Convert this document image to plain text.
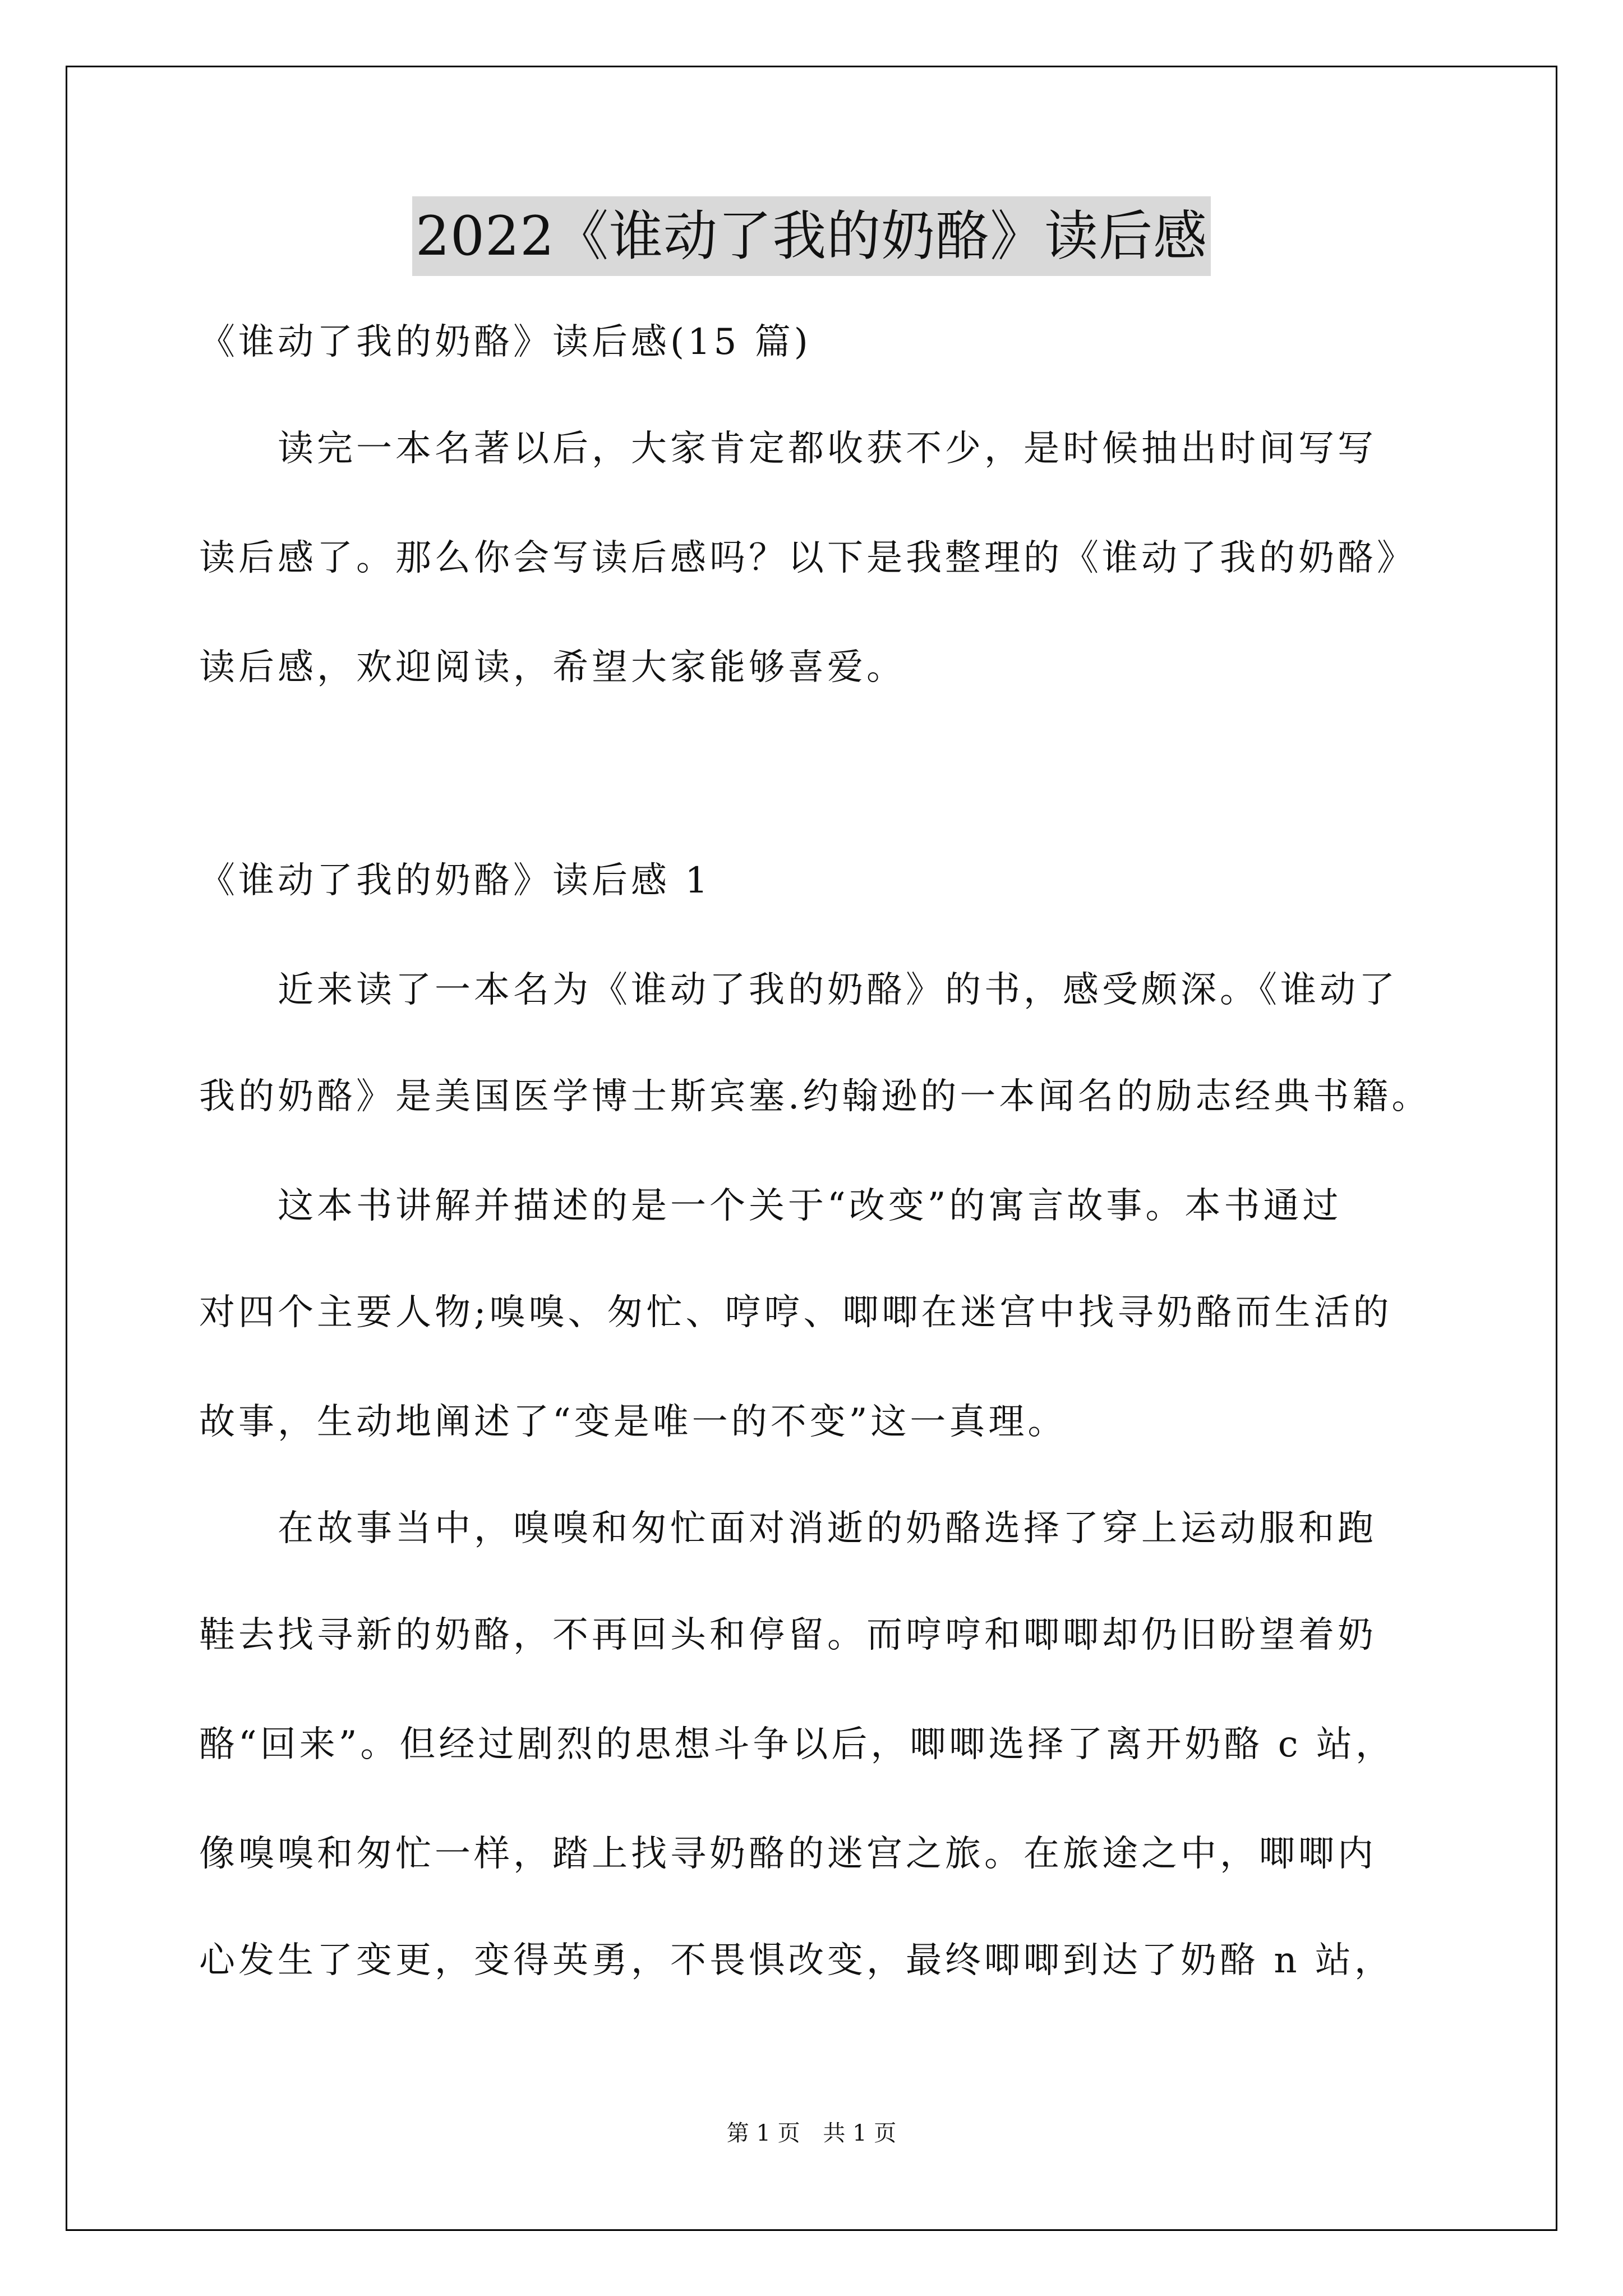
2022《谁动了我的奶酪》读后感
《谁动了我的奶酪》读后感(15 篇)
　　读完一本名著以后，大家肯定都收获不少，是时候抽出时间写写
读后感了。那么你会写读后感吗？以下是我整理的《谁动了我的奶酪》
读后感，欢迎阅读，希望大家能够喜爱。
《谁动了我的奶酪》读后感 1
　　近来读了一本名为《谁动了我的奶酪》的书，感受颇深。《谁动了
我的奶酪》是美国医学博士斯宾塞.约翰逊的一本闻名的励志经典书籍。
　　这本书讲解并描述的是一个关于“改变”的寓言故事。本书通过
对四个主要人物;嗅嗅、匆忙、哼哼、唧唧在迷宫中找寻奶酪而生活的
故事，生动地阐述了“变是唯一的不变”这一真理。
　　在故事当中，嗅嗅和匆忙面对消逝的奶酪选择了穿上运动服和跑
鞋去找寻新的奶酪，不再回头和停留。而哼哼和唧唧却仍旧盼望着奶
酪“回来”。但经过剧烈的思想斗争以后，唧唧选择了离开奶酪 c 站，
像嗅嗅和匆忙一样，踏上找寻奶酪的迷宫之旅。在旅途之中，唧唧内
心发生了变更，变得英勇，不畏惧改变，最终唧唧到达了奶酪 n 站，
第 1 页 共 1 页
